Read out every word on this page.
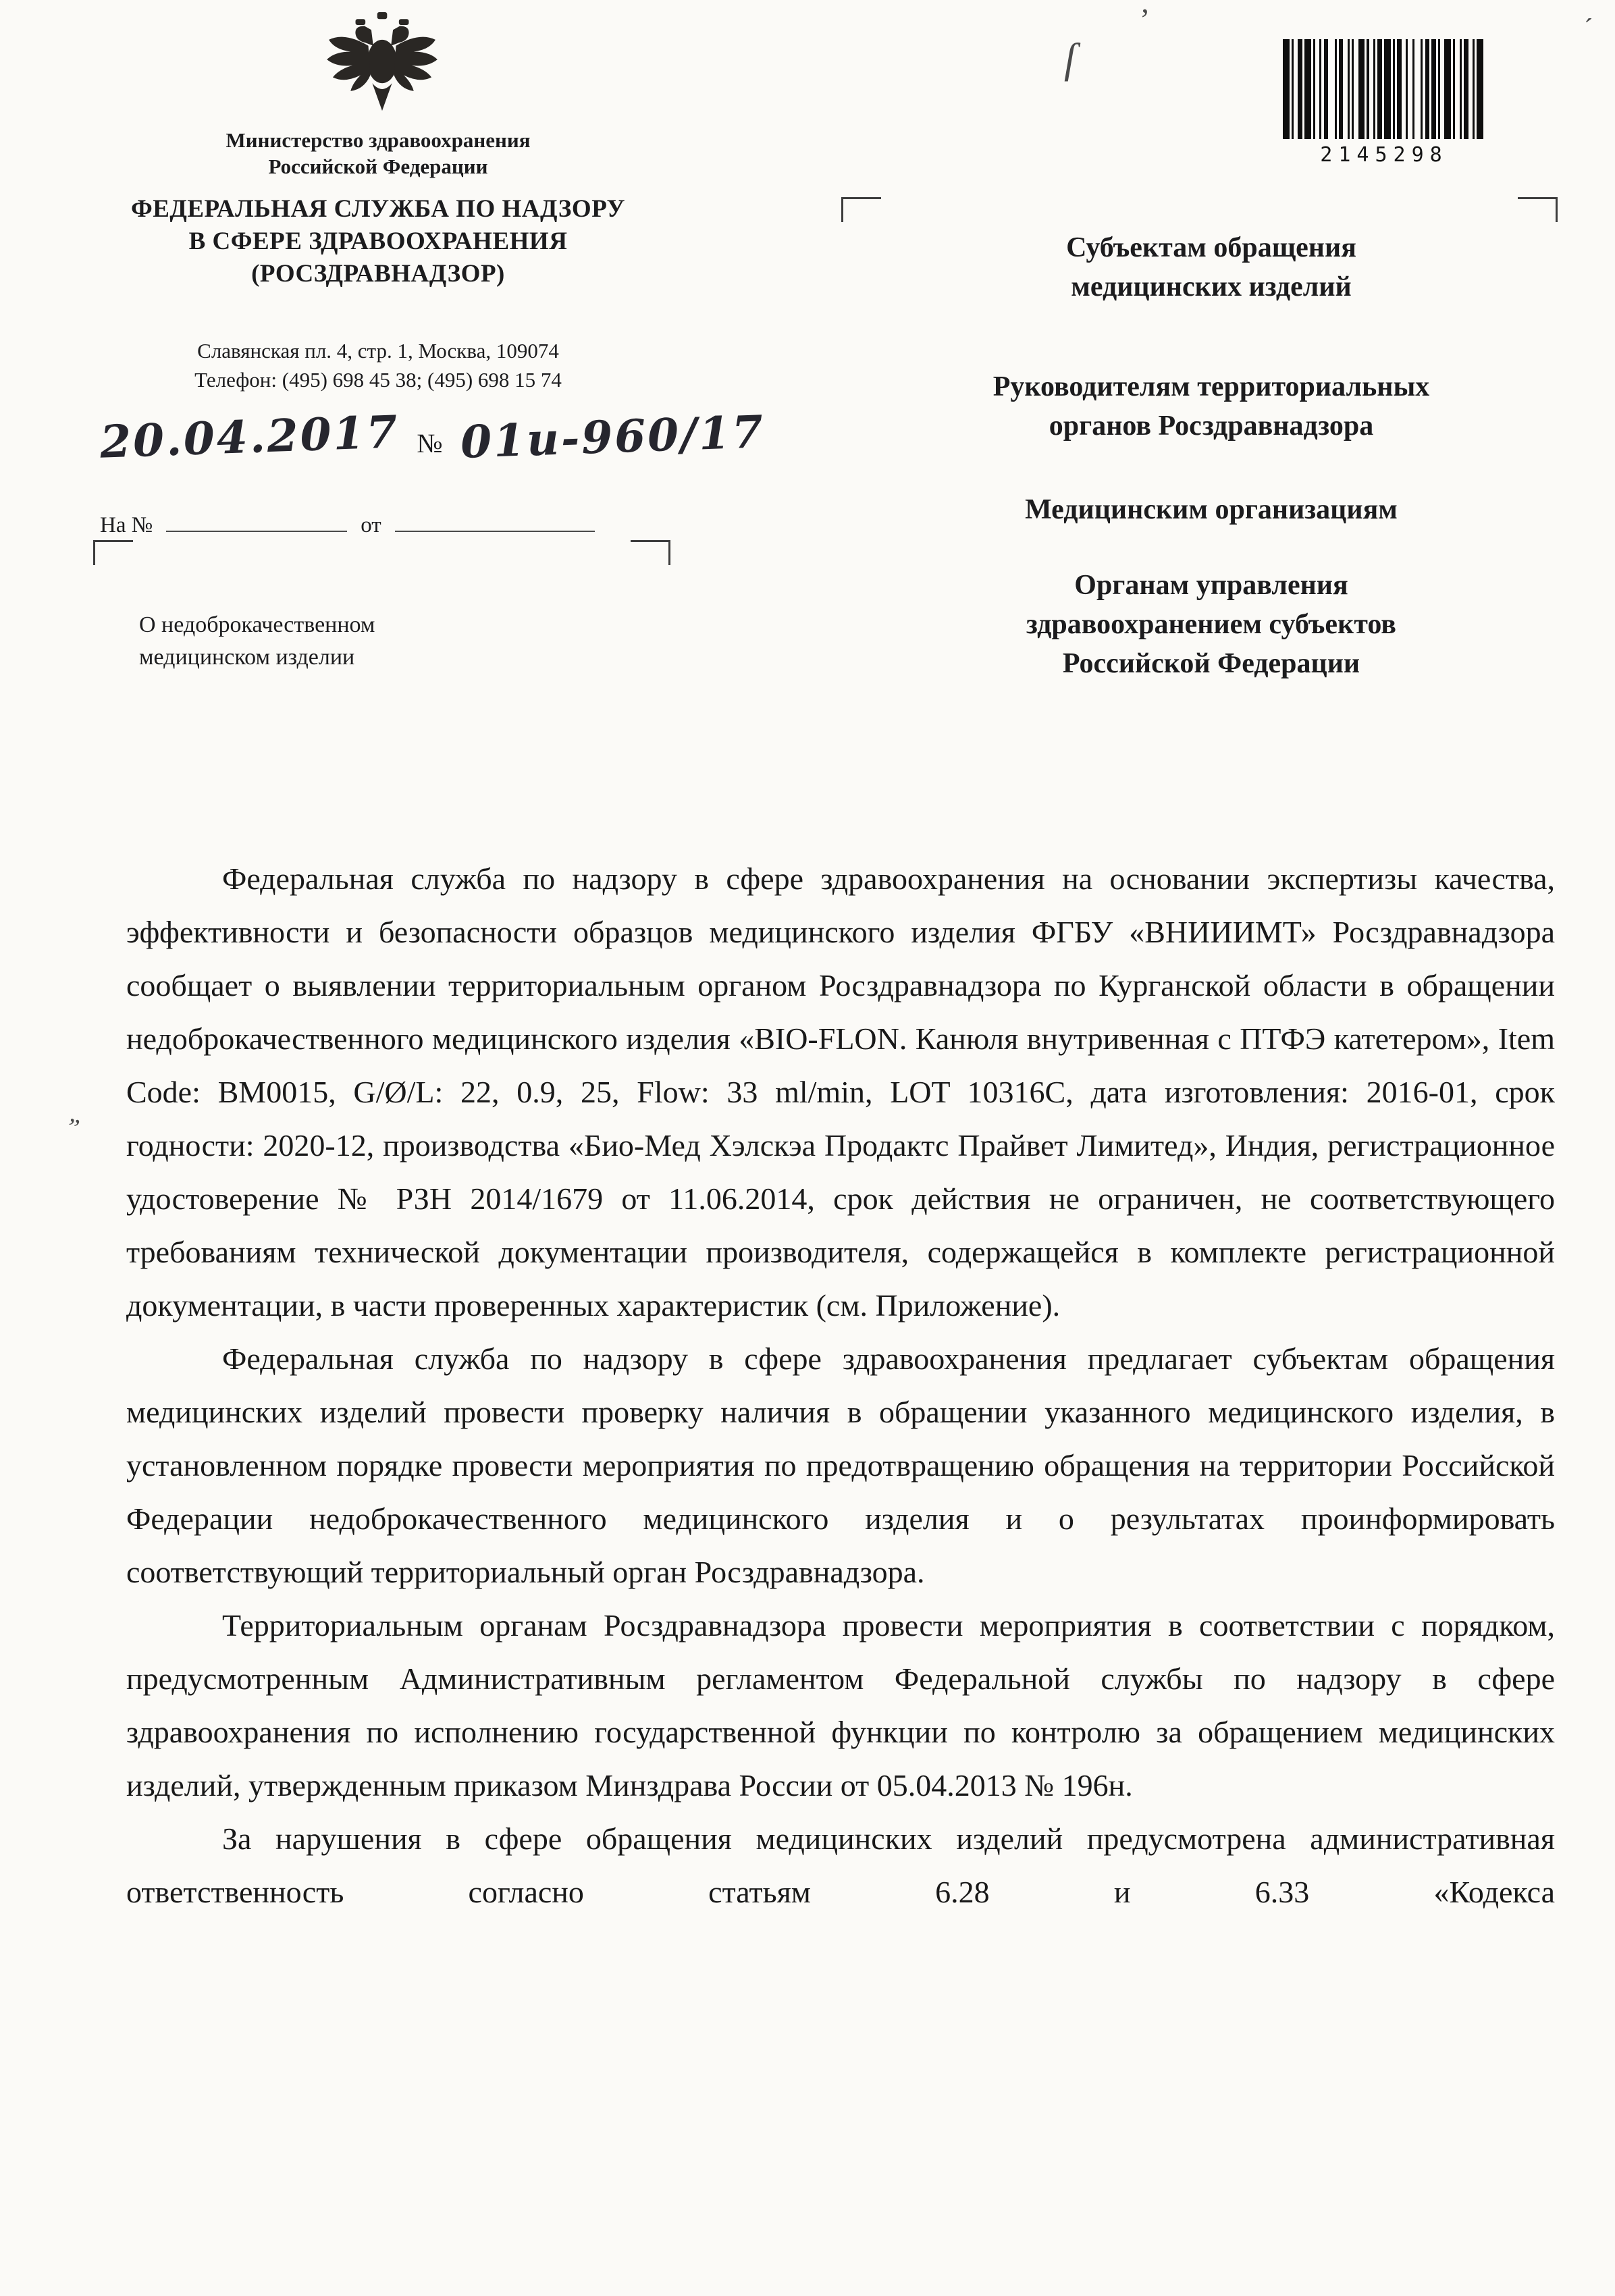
Министерство здравоохранения
Российской Федерации
ФЕДЕРАЛЬНАЯ СЛУЖБА ПО НАДЗОРУ
В СФЕРЕ ЗДРАВООХРАНЕНИЯ
(РОСЗДРАВНАДЗОР)
Славянская пл. 4, стр. 1, Москва, 109074
Телефон: (495) 698 45 38; (495) 698 15 74
20.04.2017 № 01и-960/17
На №	от
О недоброкачественном
медицинском изделии
2145298
Субъектам обращения
медицинских изделий
Руководителям территориальных
органов Росздравнадзора
Медицинским организациям
Органам управления
здравоохранением субъектов
Российской Федерации

Федеральная служба по надзору в сфере здравоохранения на основании экспертизы качества, эффективности и безопасности образцов медицинского изделия ФГБУ «ВНИИИМТ» Росздравнадзора сообщает о выявлении территориальным органом Росздравнадзора по Курганской области в обращении недоброкачественного медицинского изделия «BIO-FLON. Канюля внутривенная с ПТФЭ катетером», Item Code: BM0015, G/Ø/L: 22, 0.9, 25, Flow: 33 ml/min, LOT 10316C, дата изготовления: 2016-01, срок годности: 2020-12, производства «Био-Мед Хэлскэа Продактс Прайвет Лимитед», Индия, регистрационное удостоверение № РЗН 2014/1679 от 11.06.2014, срок действия не ограничен, не соответствующего требованиям технической документации производителя, содержащейся в комплекте регистрационной документации, в части проверенных характеристик (см. Приложение).

Федеральная служба по надзору в сфере здравоохранения предлагает субъектам обращения медицинских изделий провести проверку наличия в обращении указанного медицинского изделия, в установленном порядке провести мероприятия по предотвращению обращения на территории Российской Федерации недоброкачественного медицинского изделия и о результатах проинформировать соответствующий территориальный орган Росздравнадзора.

Территориальным органам Росздравнадзора провести мероприятия в соответствии с порядком, предусмотренным Административным регламентом Федеральной службы по надзору в сфере здравоохранения по исполнению государственной функции по контролю за обращением медицинских изделий, утвержденным приказом Минздрава России от 05.04.2013 № 196н.

За нарушения в сфере обращения медицинских изделий предусмотрена административная ответственность согласно статьям 6.28 и 6.33 «Кодекса

’
ſ
”
´
